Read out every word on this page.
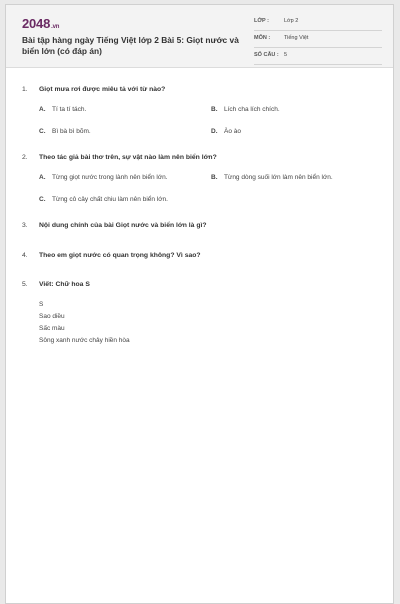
2048.vn
Bài tập hàng ngày Tiếng Việt lớp 2 Bài 5: Giọt nước và biển lớn (có đáp án)
LỚP :	Lớp 2
MÔN :	Tiếng Việt
SỐ CÂU : 5
1. Giọt mưa rơi được miêu tả với từ nào?
A. Tí ta tí tách.	B. Lích cha lích chích.
C. Bì bà bì bõm.	D. Ào ào
2. Theo tác giả bài thơ trên, sự vật nào làm nên biển lớn?
A. Từng giọt nước trong lành nên biển lớn.	B. Từng dòng suối lớn làm nên biển lớn.
C. Từng cô cây chất chiu làm nên biển lớn.
3. Nội dung chính của bài Giọt nước và biển lớn là gì?
4. Theo em giọt nước có quan trọng không? Vì sao?
5. Viết: Chữ hoa S
S
Sao diều
Sấc màu
Sông xanh nước chảy hiền hòa
